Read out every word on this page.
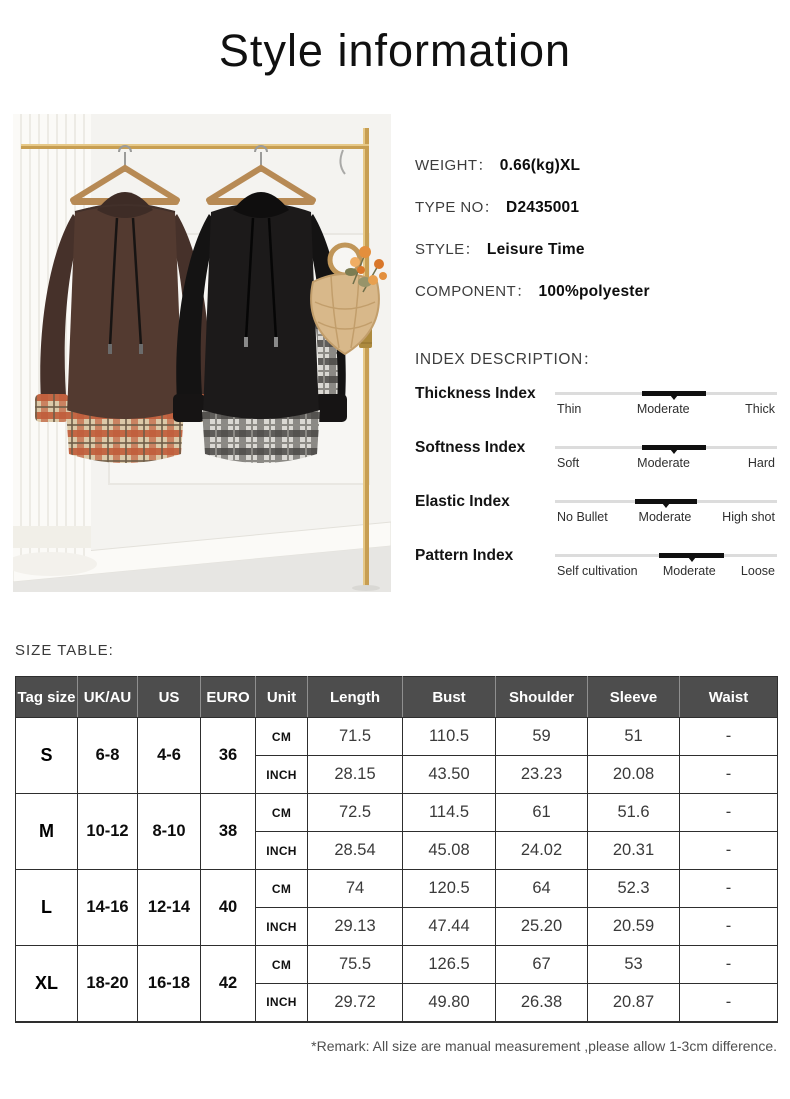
Style information
WEIGHT： 0.66(kg)XL
TYPE NO： D2435001
STYLE： Leisure Time
COMPONENT： 100%polyester
INDEX DESCRIPTION：
Thickness Index
Thin	Moderate	Thick
Softness Index
Soft	Moderate	Hard
Elastic Index
No Bullet Moderate High shot
Pattern Index
Self cultivation Moderate Loose
SIZE TABLE:
Tag size	UK/AU	US	EURO	Unit	Length	Bust	Shoulder	Sleeve	Waist
S	6-8	4-6	36	CM	71.5	110.5	59	51	-
				INCH	28.15	43.50	23.23	20.08	-
M	10-12	8-10	38	CM	72.5	114.5	61	51.6	-
				INCH	28.54	45.08	24.02	20.31	-
L	14-16	12-14	40	CM	74	120.5	64	52.3	-
				INCH	29.13	47.44	25.20	20.59	-
XL	18-20	16-18	42	CM	75.5	126.5	67	53	-
				INCH	29.72	49.80	26.38	20.87	-
*Remark: All size are manual measurement ,please allow 1-3cm difference.
